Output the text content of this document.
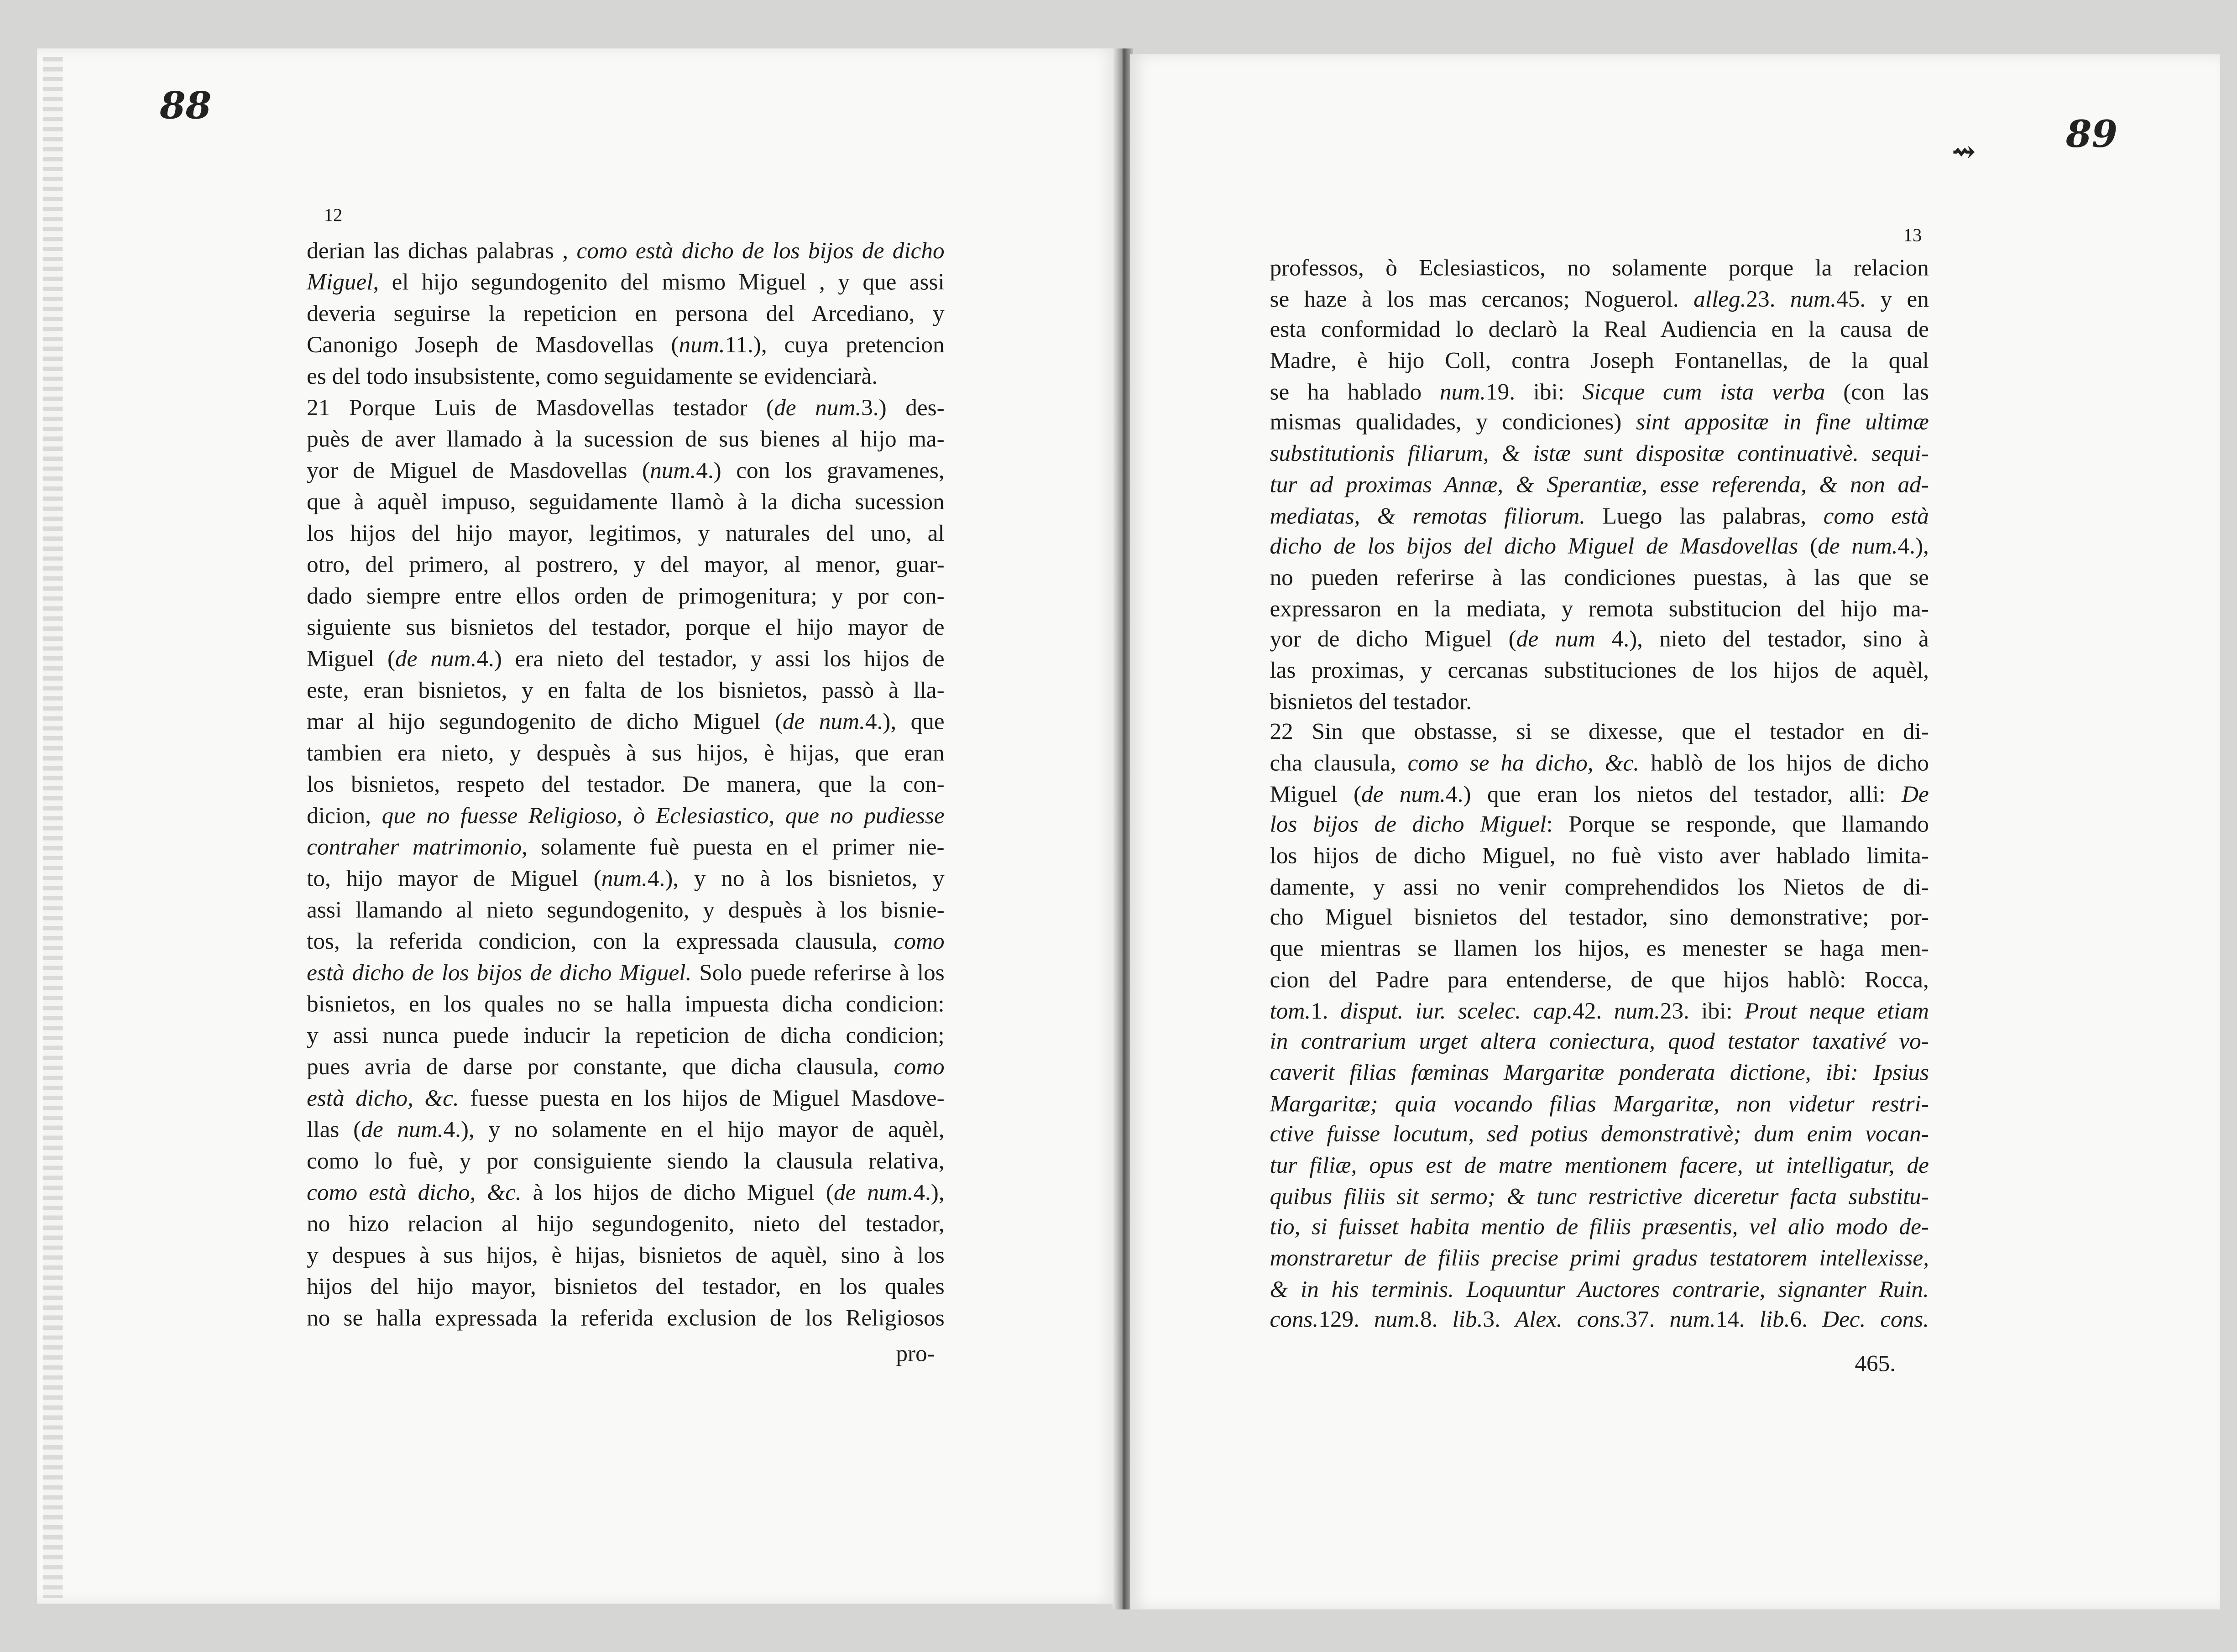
88
89
⇝
12
13
derian las dichas palabras , como està dicho de los bijos de dicho
Miguel, el hijo segundogenito del mismo Miguel , y que assi
deveria seguirse la repeticion en persona del Arcediano, y
Canonigo Joseph de Masdovellas (num.11.), cuya pretencion
es del todo insubsistente, como seguidamente se evidenciarà.
21 Porque Luis de Masdovellas testador (de num.3.) des-
puès de aver llamado à la sucession de sus bienes al hijo ma-
yor de Miguel de Masdovellas (num.4.) con los gravamenes,
que à aquèl impuso, seguidamente llamò à la dicha sucession
los hijos del hijo mayor, legitimos, y naturales del uno, al
otro, del primero, al postrero, y del mayor, al menor, guar-
dado siempre entre ellos orden de primogenitura; y por con-
siguiente sus bisnietos del testador, porque el hijo mayor de
Miguel (de num.4.) era nieto del testador, y assi los hijos de
este, eran bisnietos, y en falta de los bisnietos, passò à lla-
mar al hijo segundogenito de dicho Miguel (de num.4.), que
tambien era nieto, y despuès à sus hijos, è hijas, que eran
los bisnietos, respeto del testador. De manera, que la con-
dicion, que no fuesse Religioso, ò Eclesiastico, que no pudiesse
contraher matrimonio, solamente fuè puesta en el primer nie-
to, hijo mayor de Miguel (num.4.), y no à los bisnietos, y
assi llamando al nieto segundogenito, y despuès à los bisnie-
tos, la referida condicion, con la expressada clausula, como
està dicho de los bijos de dicho Miguel. Solo puede referirse à los
bisnietos, en los quales no se halla impuesta dicha condicion:
y assi nunca puede inducir la repeticion de dicha condicion;
pues avria de darse por constante, que dicha clausula, como
està dicho, &c. fuesse puesta en los hijos de Miguel Masdove-
llas (de num.4.), y no solamente en el hijo mayor de aquèl,
como lo fuè, y por consiguiente siendo la clausula relativa,
como està dicho, &c. à los hijos de dicho Miguel (de num.4.),
no hizo relacion al hijo segundogenito, nieto del testador,
y despues à sus hijos, è hijas, bisnietos de aquèl, sino à los
hijos del hijo mayor, bisnietos del testador, en los quales
no se halla expressada la referida exclusion de los Religiosos
professos, ò Eclesiasticos, no solamente porque la relacion
se haze à los mas cercanos; Noguerol. alleg.23. num.45. y en
esta conformidad lo declarò la Real Audiencia en la causa de
Madre, è hijo Coll, contra Joseph Fontanellas, de la qual
se ha hablado num.19. ibi: Sicque cum ista verba (con las
mismas qualidades, y condiciones) sint appositæ in fine ultimæ
substitutionis filiarum, & istæ sunt dispositæ continuativè. sequi-
tur ad proximas Annæ, & Sperantiæ, esse referenda, & non ad-
mediatas, & remotas filiorum. Luego las palabras, como està
dicho de los bijos del dicho Miguel de Masdovellas (de num.4.),
no pueden referirse à las condiciones puestas, à las que se
expressaron en la mediata, y remota substitucion del hijo ma-
yor de dicho Miguel (de num 4.), nieto del testador, sino à
las proximas, y cercanas substituciones de los hijos de aquèl,
bisnietos del testador.
22 Sin que obstasse, si se dixesse, que el testador en di-
cha clausula, como se ha dicho, &c. hablò de los hijos de dicho
Miguel (de num.4.) que eran los nietos del testador, alli: De
los bijos de dicho Miguel: Porque se responde, que llamando
los hijos de dicho Miguel, no fuè visto aver hablado limita-
damente, y assi no venir comprehendidos los Nietos de di-
cho Miguel bisnietos del testador, sino demonstrative; por-
que mientras se llamen los hijos, es menester se haga men-
cion del Padre para entenderse, de que hijos hablò: Rocca,
tom.1. disput. iur. scelec. cap.42. num.23. ibi: Prout neque etiam
in contrarium urget altera coniectura, quod testator taxativé vo-
caverit filias fœminas Margaritæ ponderata dictione, ibi: Ipsius
Margaritæ; quia vocando filias Margaritæ, non videtur restri-
ctive fuisse locutum, sed potius demonstrativè; dum enim vocan-
tur filiæ, opus est de matre mentionem facere, ut intelligatur, de
quibus filiis sit sermo; & tunc restrictive diceretur facta substitu-
tio, si fuisset habita mentio de filiis præsentis, vel alio modo de-
monstraretur de filiis precise primi gradus testatorem intellexisse,
& in his terminis. Loquuntur Auctores contrarie, signanter Ruin.
cons.129. num.8. lib.3. Alex. cons.37. num.14. lib.6. Dec. cons.
pro-	465.
